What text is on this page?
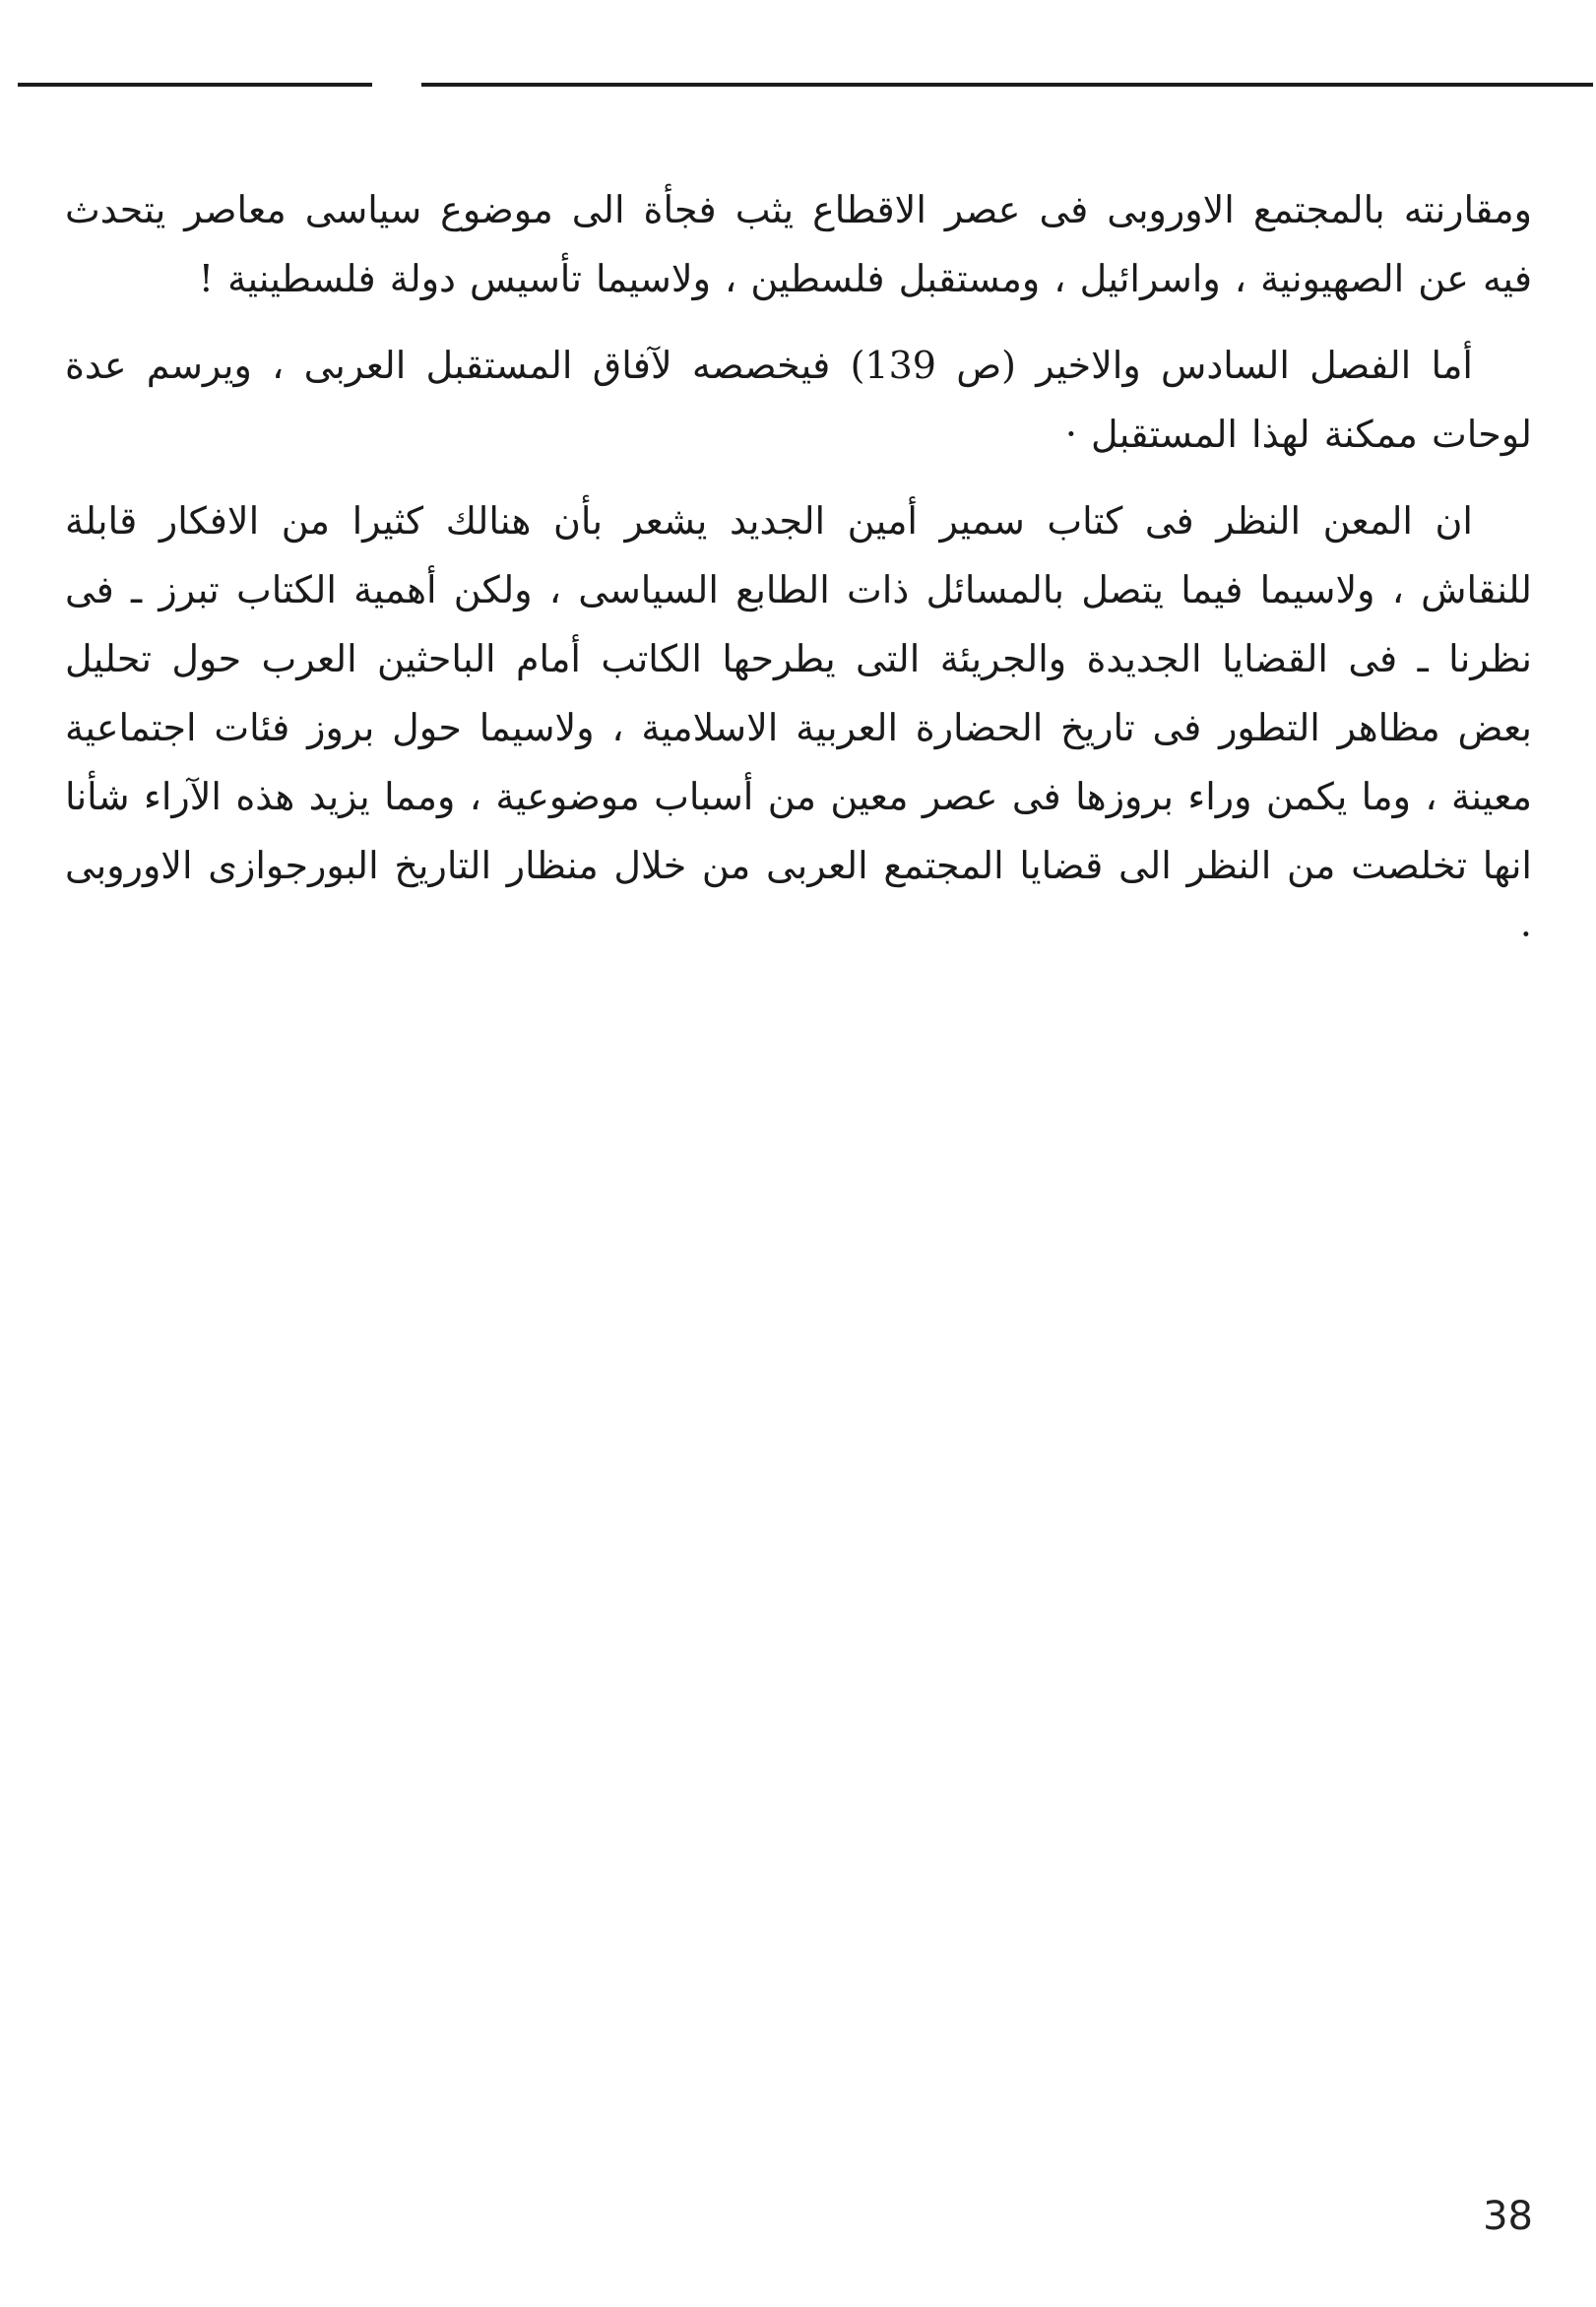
ومقارنته بالمجتمع الاوروبى فى عصر الاقطاع يثب فجأة الى موضوع سياسى معاصر يتحدث فيه عن الصهيونية ، واسرائيل ، ومستقبل فلسطين ، ولاسيما تأسيس دولة فلسطينية !

أما الفصل السادس والاخير (ص 139) فيخصصه لآفاق المستقبل العربى ، ويرسم عدة لوحات ممكنة لهذا المستقبل ·

ان المعن النظر فى كتاب سمير أمين الجديد يشعر بأن هنالك كثيرا من الافكار قابلة للنقاش ، ولاسيما فيما يتصل بالمسائل ذات الطابع السياسى ، ولكن أهمية الكتاب تبرز ـ فى نظرنا ـ فى القضايا الجديدة والجريئة التى يطرحها الكاتب أمام الباحثين العرب حول تحليل بعض مظاهر التطور فى تاريخ الحضارة العربية الاسلامية ، ولاسيما حول بروز فئات اجتماعية معينة ، وما يكمن وراء بروزها فى عصر معين من أسباب موضوعية ، ومما يزيد هذه الآراء شأنا انها تخلصت من النظر الى قضايا المجتمع العربى من خلال منظار التاريخ البورجوازى الاوروبى ·

38
